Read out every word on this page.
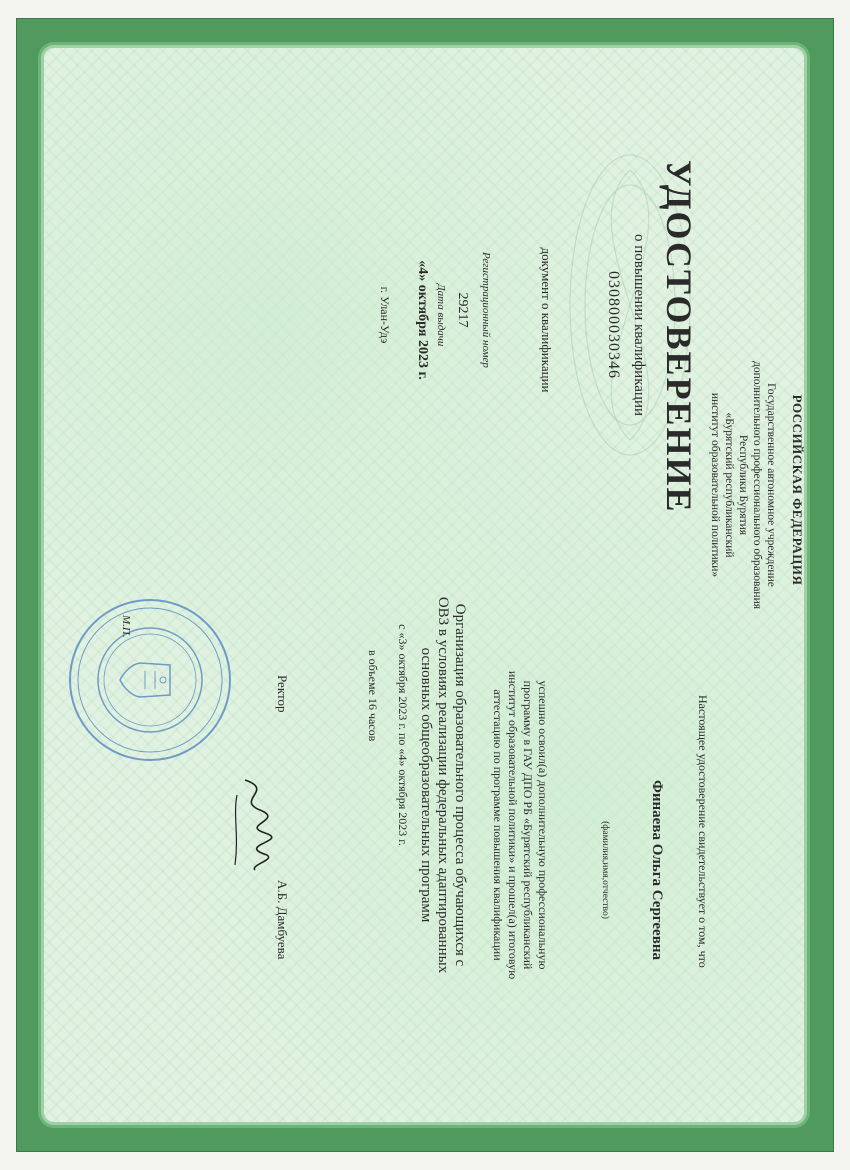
РОССИЙСКАЯ ФЕДЕРАЦИЯ
Государственное автономное учреждение
дополнительного профессионального образования
Республики Бурятия
«Бурятский республиканский
институт образовательной политики»
УДОСТОВЕРЕНИЕ
о повышении квалификации
030800030346
документ о квалификации
Регистрационный номер
29217
Дата выдачи
«4» октября 2023 г.
г. Улан-Удэ
Настоящее удостоверение свидетельствует о том, что
Финаева Ольга Сергеевна
(фамилия,имя,отчество)
успешно освоил(а) дополнительную профессиональную
программу в ГАУ ДПО РБ «Бурятский республиканский
институт образовательной политики» и прошел(а) итоговую
аттестацию по программе повышения квалификации
Организация образовательного процесса обучающихся с
ОВЗ в условиях реализации федеральных адаптированных
основных общеобразовательных программ
с «3» октября 2023 г. по «4» октября 2023 г.
в объеме 16 часов
Ректор
А.Б. Дамбуева
М.П.
